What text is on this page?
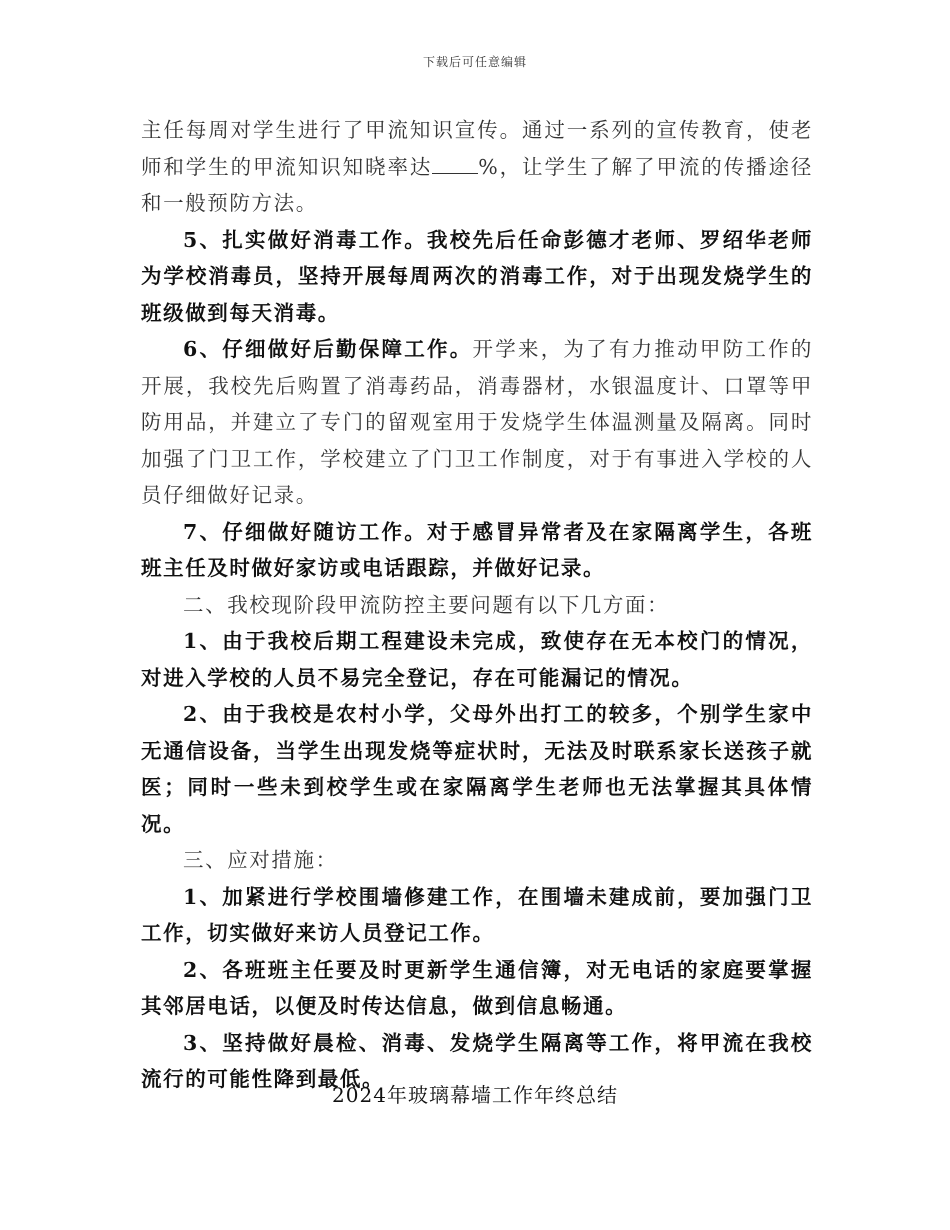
下载后可任意编辑

主任每周对学生进行了甲流知识宣传。通过一系列的宣传教育，使老师和学生的甲流知识知晓率达 %，让学生了解了甲流的传播途径和一般预防方法。

5、扎实做好消毒工作。我校先后任命彭德才老师、罗绍华老师为学校消毒员，坚持开展每周两次的消毒工作，对于出现发烧学生的班级做到每天消毒。

6、仔细做好后勤保障工作。开学来，为了有力推动甲防工作的开展，我校先后购置了消毒药品，消毒器材，水银温度计、口罩等甲防用品，并建立了专门的留观室用于发烧学生体温测量及隔离。同时加强了门卫工作，学校建立了门卫工作制度，对于有事进入学校的人员仔细做好记录。

7、仔细做好随访工作。对于感冒异常者及在家隔离学生，各班班主任及时做好家访或电话跟踪，并做好记录。

二、我校现阶段甲流防控主要问题有以下几方面：

1、由于我校后期工程建设未完成，致使存在无本校门的情况，对进入学校的人员不易完全登记，存在可能漏记的情况。

2、由于我校是农村小学，父母外出打工的较多，个别学生家中无通信设备，当学生出现发烧等症状时，无法及时联系家长送孩子就医；同时一些未到校学生或在家隔离学生老师也无法掌握其具体情况。

三、应对措施：

1、加紧进行学校围墙修建工作，在围墙未建成前，要加强门卫工作，切实做好来访人员登记工作。

2、各班班主任要及时更新学生通信簿，对无电话的家庭要掌握其邻居电话，以便及时传达信息，做到信息畅通。

3、坚持做好晨检、消毒、发烧学生隔离等工作，将甲流在我校流行的可能性降到最低。

2024年玻璃幕墙工作年终总结
